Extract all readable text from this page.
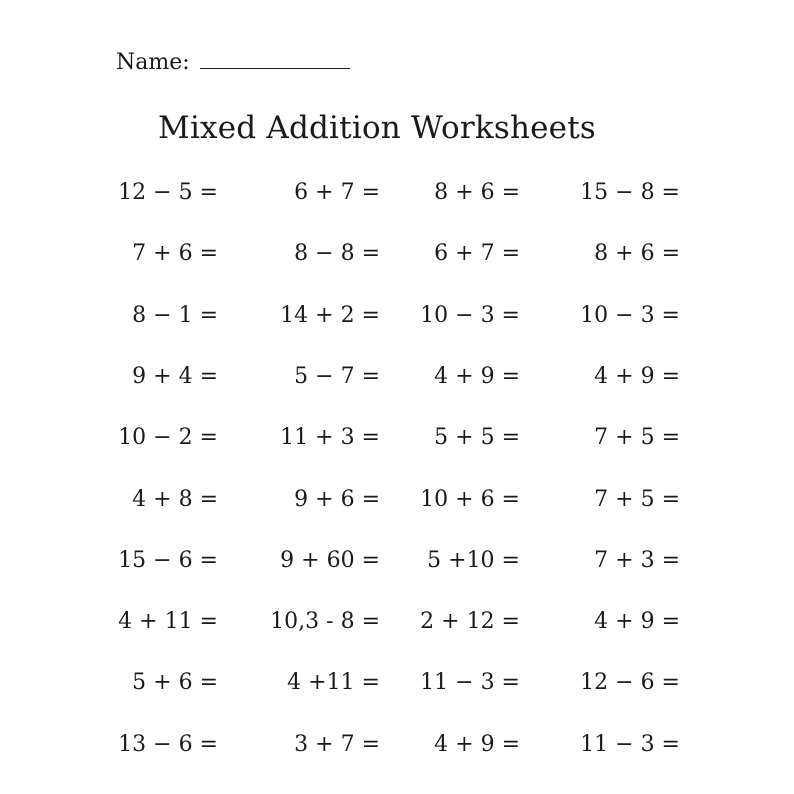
Name:
Mixed Addition Worksheets
12 − 5 =	6 + 7 =	8 + 6 =	15 − 8 =
7 + 6 =	8 − 8 =	6 + 7 =	8 + 6 =
8 − 1 =	14 + 2 =	10 − 3 =	10 − 3 =
9 + 4 =	5 − 7 =	4 + 9 =	4 + 9 =
10 − 2 =	11 + 3 =	5 + 5 =	7 + 5 =
4 + 8 =	9 + 6 =	10 + 6 =	7 + 5 =
15 − 6 =	9 + 60 =	5 +10 =	7 + 3 =
4 + 11 =	10,3 - 8 =	2 + 12 =	4 + 9 =
5 + 6 =	4 +11 =	11 − 3 =	12 − 6 =
13 − 6 =	3 + 7 =	4 + 9 =	11 − 3 =
